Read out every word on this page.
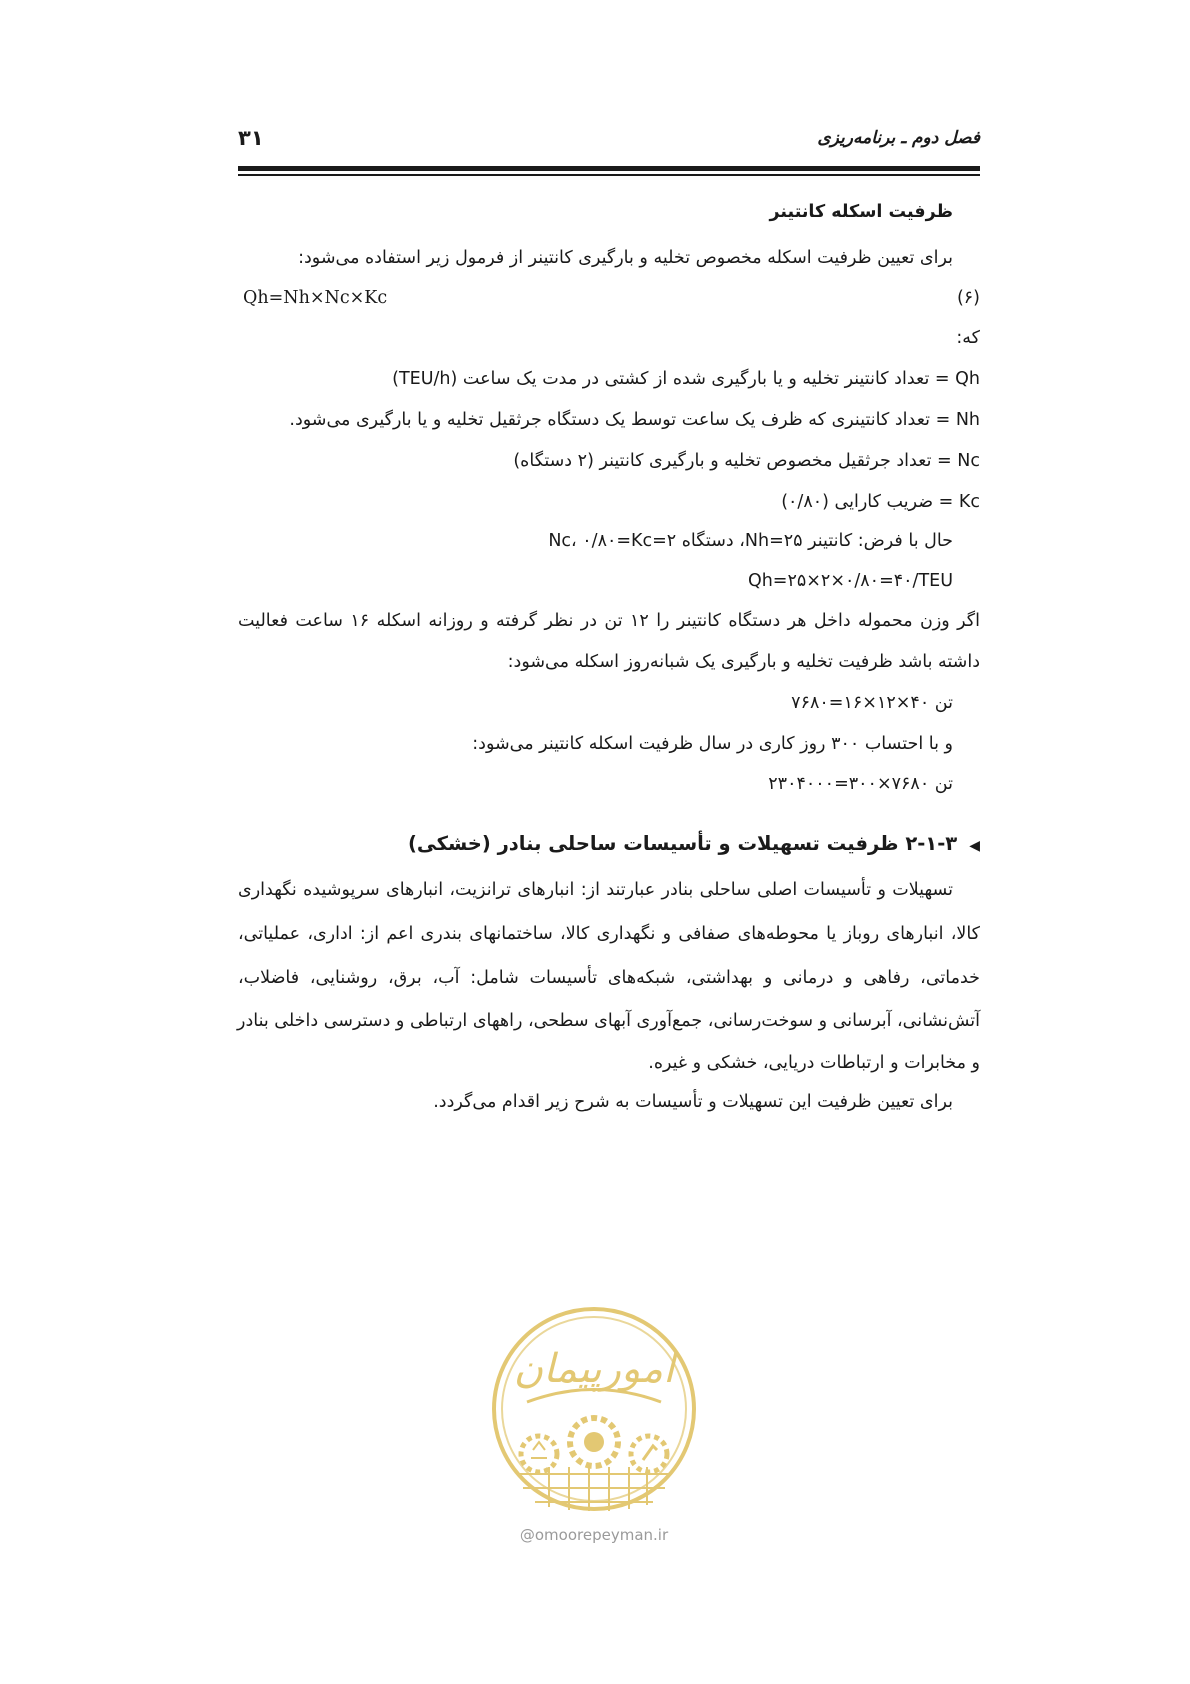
فصل دوم ـ برنامه‌ریزی
۳۱
ظرفیت اسکله کانتینر
برای تعیین ظرفیت اسکله مخصوص تخلیه و بارگیری کانتینر از فرمول زیر استفاده می‌شود:
(۶)
Qh=Nh×Nc×Kc
که:
Qh = تعداد کانتینر تخلیه و یا بارگیری شده از کشتی در مدت یک ساعت (TEU/h)
Nh = تعداد کانتینری که ظرف یک ساعت توسط یک دستگاه جرثقیل تخلیه و یا بارگیری می‌شود.
Nc = تعداد جرثقیل مخصوص تخلیه و بارگیری کانتینر (۲ دستگاه)
Kc = ضریب کارایی (۰/۸۰)
حال با فرض: کانتینر ۲۵=Nh، دستگاه ۲=Nc، ۰/۸۰=Kc
Qh=۲۵×۲×۰/۸۰=۴۰/TEU
اگر وزن محموله داخل هر دستگاه کانتینر را ۱۲ تن در نظر گرفته و روزانه اسکله ۱۶ ساعت فعالیت
داشته باشد ظرفیت تخلیه و بارگیری یک شبانه‌روز اسکله می‌شود:
تن ۴۰×۱۲×۱۶=۷۶۸۰
و با احتساب ۳۰۰ روز کاری در سال ظرفیت اسکله کانتینر می‌شود:
تن ۷۶۸۰×۳۰۰=۲۳۰۴۰۰۰
◀۲-۱-۳ ظرفیت تسهیلات و تأسیسات ساحلی بنادر (خشکی)
تسهیلات و تأسیسات اصلی ساحلی بنادر عبارتند از: انبارهای ترانزیت، انبارهای سرپوشیده نگهداری
کالا، انبارهای روباز یا محوطه‌های صفافی و نگهداری کالا، ساختمانهای بندری اعم از: اداری، عملیاتی،
خدماتی، رفاهی و درمانی و بهداشتی، شبکه‌های تأسیسات شامل: آب، برق، روشنایی، فاضلاب،
آتش‌نشانی، آبرسانی و سوخت‌رسانی، جمع‌آوری آبهای سطحی، راههای ارتباطی و دسترسی داخلی بنادر
و مخابرات و ارتباطات دریایی، خشکی و غیره.
برای تعیین ظرفیت این تسهیلات و تأسیسات به شرح زیر اقدام می‌گردد.
امورپیمان
@omoorepeyman.ir
